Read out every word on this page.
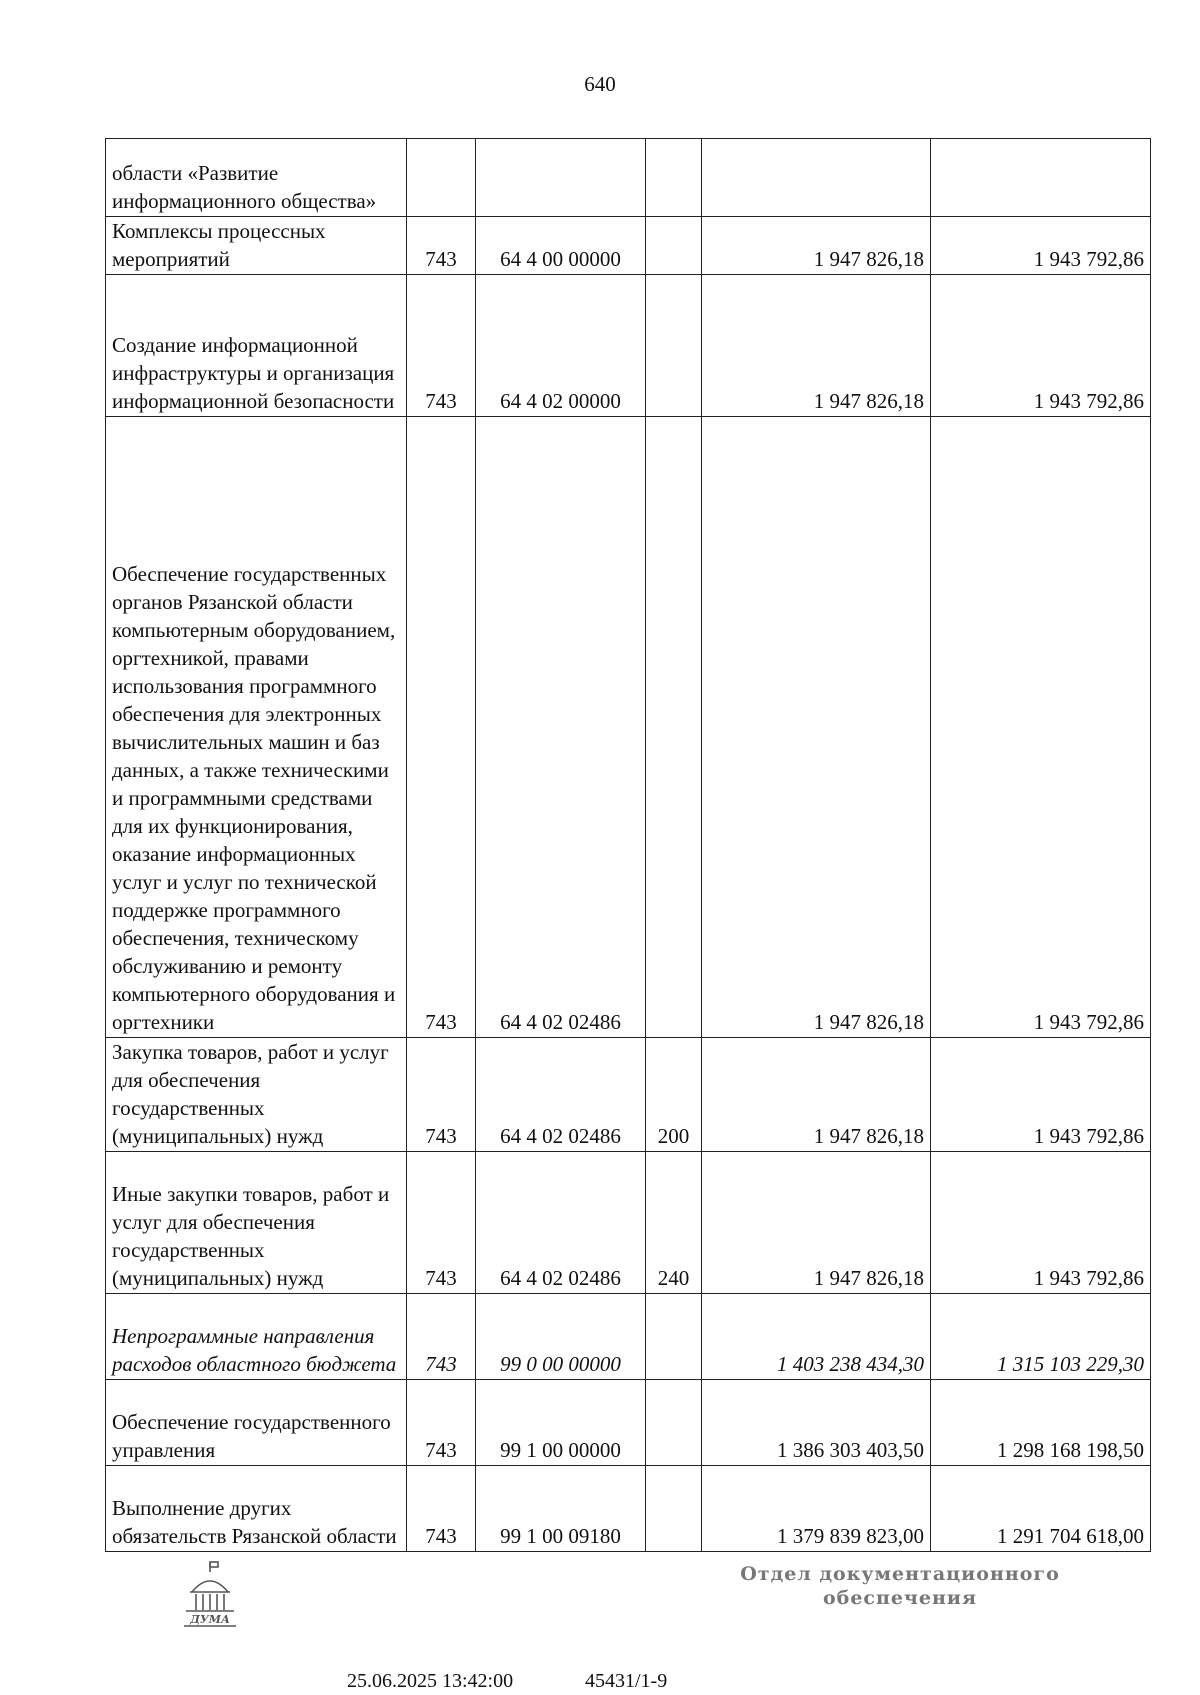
640
области «Развитие информационного общества»					
Комплексы процессных мероприятий	743	64 4 00 00000		1 947 826,18	1 943 792,86
Создание информационной инфраструктуры и организация информационной безопасности	743	64 4 02 00000		1 947 826,18	1 943 792,86
Обеспечение государственных органов Рязанской области компьютерным оборудованием, оргтехникой, правами использования программного обеспечения для электронных вычислительных машин и баз данных, а также техническими и программными средствами для их функционирования, оказание информационных услуг и услуг по технической поддержке программного обеспечения, техническому обслуживанию и ремонту компьютерного оборудования и оргтехники	743	64 4 02 02486		1 947 826,18	1 943 792,86
Закупка товаров, работ и услуг для обеспечения государственных (муниципальных) нужд	743	64 4 02 02486	200	1 947 826,18	1 943 792,86
Иные закупки товаров, работ и услуг для обеспечения государственных (муниципальных) нужд	743	64 4 02 02486	240	1 947 826,18	1 943 792,86
Непрограммные направления расходов областного бюджета	743	99 0 00 00000		1 403 238 434,30	1 315 103 229,30
Обеспечение государственного управления	743	99 1 00 00000		1 386 303 403,50	1 298 168 198,50
Выполнение других обязательств Рязанской области	743	99 1 00 09180		1 379 839 823,00	1 291 704 618,00
ДУМА
25.06.2025 13:42:00	45431/1-9
Отдел документационного
обеспечения
